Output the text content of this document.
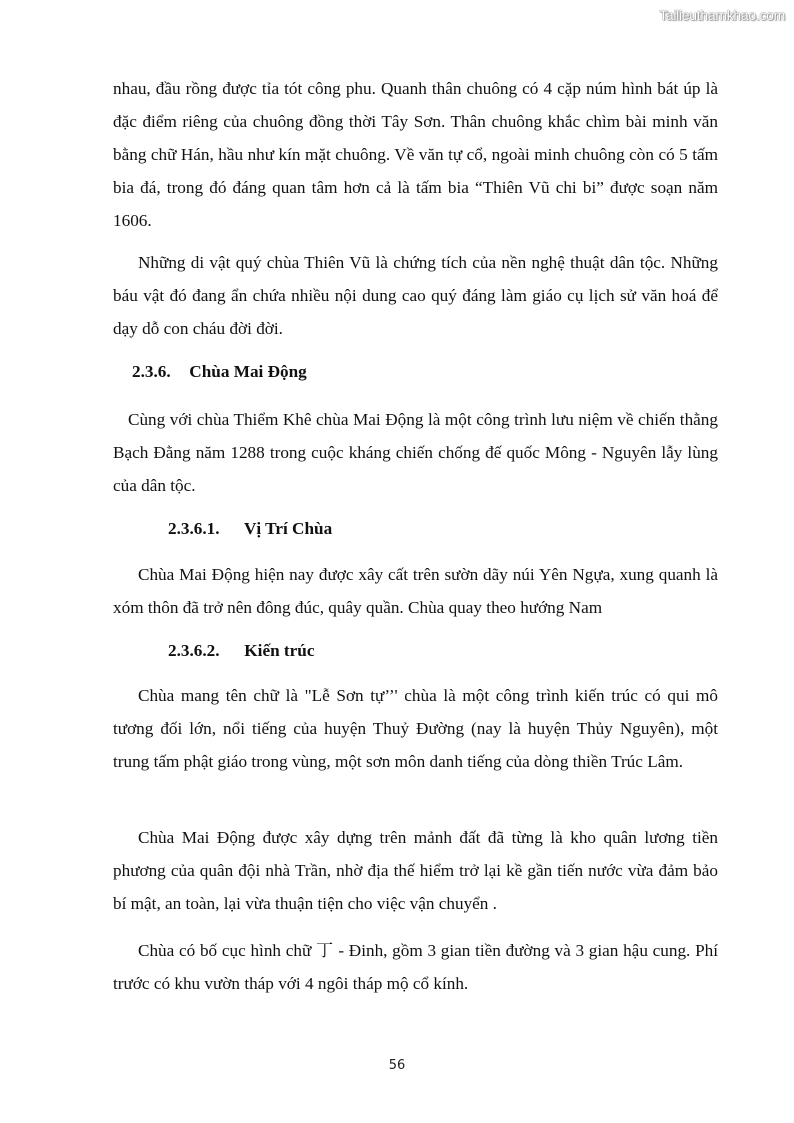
Tailieuthamkhao.com

nhau, đầu rồng được tỉa tót công phu. Quanh thân chuông có 4 cặp núm hình bát úp là đặc điểm riêng của chuông đồng thời Tây Sơn. Thân chuông khắc chìm bài minh văn bằng chữ Hán, hầu như kín mặt chuông. Về văn tự cổ, ngoài minh chuông còn có 5 tấm bia đá, trong đó đáng quan tâm hơn cả là tấm bia “Thiên Vũ chi bi” được soạn năm 1606.

Những di vật quý chùa Thiên Vũ là chứng tích của nền nghệ thuật dân tộc. Những báu vật đó đang ẩn chứa nhiều nội dung cao quý đáng làm giáo cụ lịch sử văn hoá để dạy dỗ con cháu đời đời.

2.3.6. Chùa Mai Động

Cùng với chùa Thiểm Khê chùa Mai Động là một công trình lưu niệm về chiến thằng Bạch Đằng năm 1288 trong cuộc kháng chiến chống đế quốc Mông - Nguyên lẫy lùng của dân tộc.

2.3.6.1. Vị Trí Chùa

Chùa Mai Động hiện nay được xây cất trên sườn dãy núi Yên Ngựa, xung quanh là xóm thôn đã trở nên đông đúc, quây quần. Chùa quay theo hướng Nam

2.3.6.2. Kiến trúc

Chùa mang tên chữ là "Lễ Sơn tự’’' chùa là một công trình kiến trúc có qui mô tương đối lớn, nổi tiếng của huyện Thuỷ Đường (nay là huyện Thủy Nguyên), một trung tấm phật giáo trong vùng, một sơn môn danh tiếng của dòng thiền Trúc Lâm.

Chùa Mai Động được xây dựng trên mảnh đất đã từng là kho quân lương tiền phương của quân đội nhà Trần, nhờ địa thế hiểm trở lại kề gần tiến nước vừa đảm bảo bí mật, an toàn, lại vừa thuận tiện cho việc vận chuyển .

Chùa có bố cục hình chữ 丁 - Đinh, gồm 3 gian tiền đường và 3 gian hậu cung. Phí trước có khu vườn tháp với 4 ngôi tháp mộ cổ kính.

56
